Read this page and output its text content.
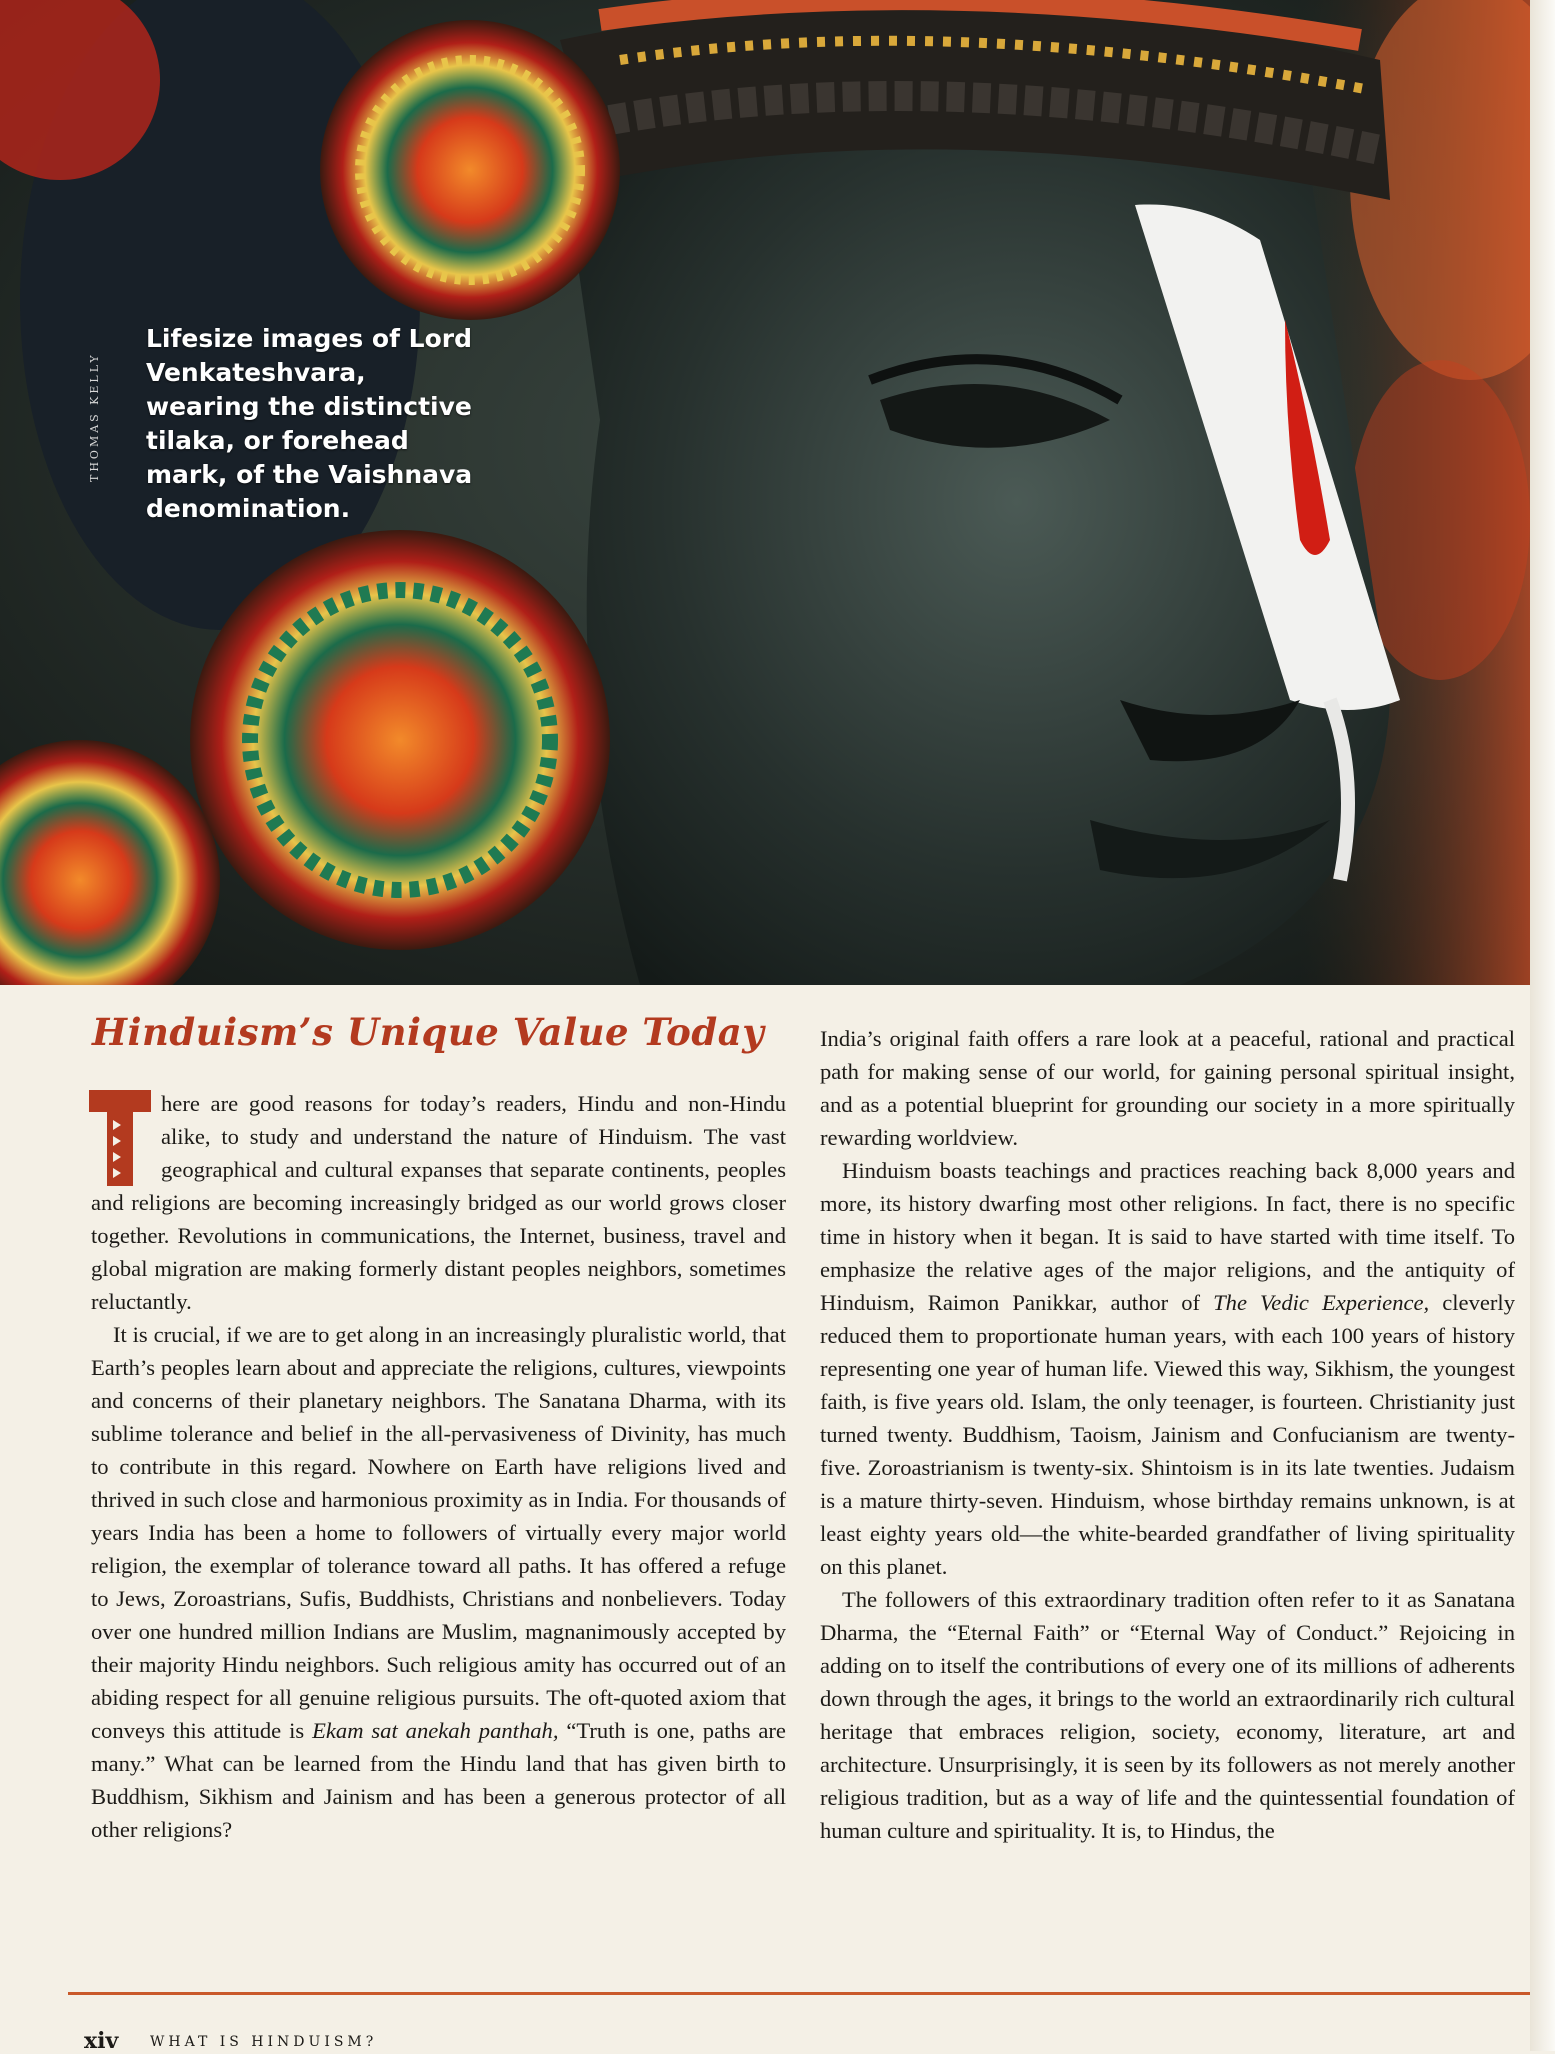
Lifesize images of Lord Venkateshvara, wearing the distinctive tilaka, or forehead mark, of the Vaishnava denomination.
THOMAS KELLY
Hinduism’s Unique Value Today

here are good reasons for today’s readers, Hindu and non-Hindu alike, to study and understand the nature of Hinduism. The vast geographical and cultural expanses that separate continents, peoples and religions are becoming increasingly bridged as our world grows closer together. Revolutions in communications, the Internet, business, travel and global migration are making formerly distant peoples neighbors, sometimes reluctantly.

It is crucial, if we are to get along in an increasingly pluralistic world, that Earth’s peoples learn about and appreciate the religions, cultures, viewpoints and concerns of their planetary neighbors. The Sanatana Dharma, with its sublime tolerance and belief in the all-pervasiveness of Divinity, has much to contribute in this regard. Nowhere on Earth have religions lived and thrived in such close and harmonious proximity as in India. For thousands of years India has been a home to followers of virtually every major world religion, the exemplar of tolerance toward all paths. It has offered a refuge to Jews, Zoroastrians, Sufis, Buddhists, Christians and nonbelievers. Today over one hundred million Indians are Muslim, magnanimously accepted by their majority Hindu neighbors. Such religious amity has occurred out of an abiding respect for all genuine religious pursuits. The oft-quoted axiom that conveys this attitude is Ekam sat anekah panthah, “Truth is one, paths are many.” What can be learned from the Hindu land that has given birth to Buddhism, Sikhism and Jainism and has been a generous protector of all other religions?

India’s original faith offers a rare look at a peaceful, rational and practical path for making sense of our world, for gaining personal spiritual insight, and as a potential blueprint for grounding our society in a more spiritually rewarding worldview.

Hinduism boasts teachings and practices reaching back 8,000 years and more, its history dwarfing most other religions. In fact, there is no specific time in history when it began. It is said to have started with time itself. To emphasize the relative ages of the major religions, and the antiquity of Hinduism, Raimon Panikkar, author of The Vedic Experience, cleverly reduced them to proportionate human years, with each 100 years of history representing one year of human life. Viewed this way, Sikhism, the youngest faith, is five years old. Islam, the only teenager, is fourteen. Christianity just turned twenty. Buddhism, Taoism, Jainism and Confucianism are twenty-five. Zoroastrianism is twenty-six. Shintoism is in its late twenties. Judaism is a mature thirty-seven. Hinduism, whose birthday remains unknown, is at least eighty years old—the white-bearded grandfather of living spirituality on this planet.

The followers of this extraordinary tradition often refer to it as Sanatana Dharma, the “Eternal Faith” or “Eternal Way of Conduct.” Rejoicing in adding on to itself the contributions of every one of its millions of adherents down through the ages, it brings to the world an extraordinarily rich cultural heritage that embraces religion, society, economy, literature, art and architecture. Unsurprisingly, it is seen by its followers as not merely another religious tradition, but as a way of life and the quintessential foundation of human culture and spirituality. It is, to Hindus, the

xiv WHAT IS HINDUISM?
